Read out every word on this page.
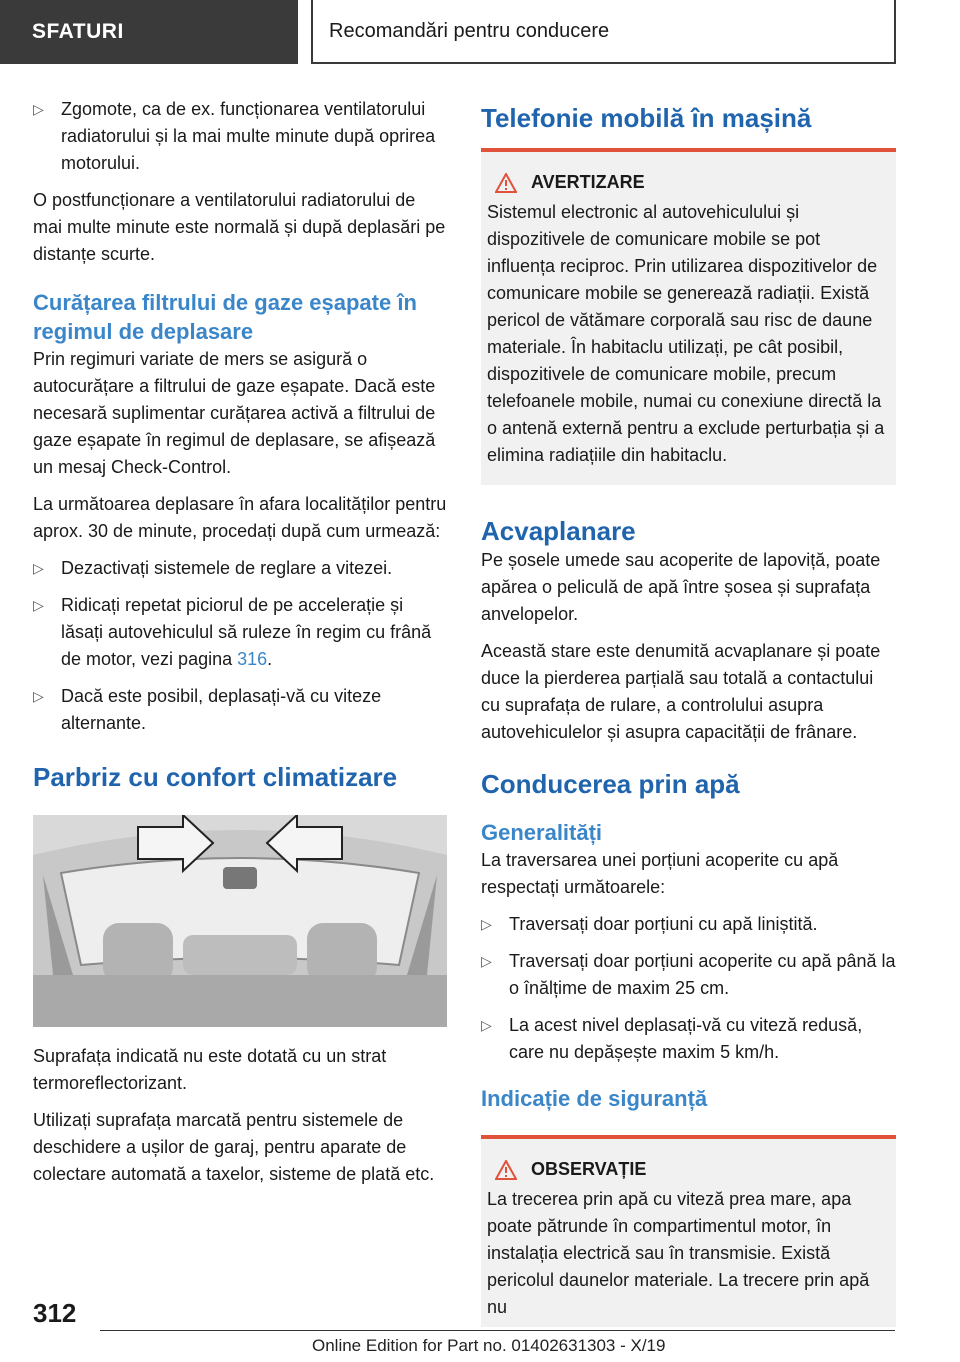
SFATURI	Recomandări pentru conducere
▷ Zgomote, ca de ex. funcționarea ventilatorului radiatorului și la mai multe minute după oprirea motorului.

O postfuncționare a ventilatorului radiatorului de mai multe minute este normală și după deplasări pe distanțe scurte.

Curățarea filtrului de gaze eșapate în regimul de deplasare

Prin regimuri variate de mers se asigură o autocurățare a filtrului de gaze eșapate. Dacă este necesară suplimentar curățarea activă a filtrului de gaze eșapate în regimul de deplasare, se afișează un mesaj Check-Control.

La următoarea deplasare în afara localităților pentru aprox. 30 de minute, procedați după cum urmează:

▷ Dezactivați sistemele de reglare a vitezei.
▷ Ridicați repetat piciorul de pe accelerație și lăsați autovehiculul să ruleze în regim cu frână de motor, vezi pagina 316.
▷ Dacă este posibil, deplasați-vă cu viteze alternante.
Parbriz cu confort climatizare

Suprafața indicată nu este dotată cu un strat termoreflectorizant.

Utilizați suprafața marcată pentru sistemele de deschidere a ușilor de garaj, pentru aparate de colectare automată a taxelor, sisteme de plată etc.

Telefonie mobilă în mașină
AVERTIZARE

Sistemul electronic al autovehiculului și dispozitivele de comunicare mobile se pot influența reciproc. Prin utilizarea dispozitivelor de comunicare mobile se generează radiații. Există pericol de vătămare corporală sau risc de daune materiale. În habitaclu utilizați, pe cât posibil, dispozitivele de comunicare mobile, precum telefoanele mobile, numai cu conexiune directă la o antenă externă pentru a exclude perturbația și a elimina radiațiile din habitaclu.

Acvaplanare

Pe șosele umede sau acoperite de lapoviță, poate apărea o peliculă de apă între șosea și suprafața anvelopelor.

Această stare este denumită acvaplanare și poate duce la pierderea parțială sau totală a contactului cu suprafața de rulare, a controlului asupra autovehiculelor și asupra capacității de frânare.

Conducerea prin apă
Generalități

La traversarea unei porțiuni acoperite cu apă respectați următoarele:

▷ Traversați doar porțiuni cu apă liniștită.
▷ Traversați doar porțiuni acoperite cu apă până la o înălțime de maxim 25 cm.
▷ La acest nivel deplasați-vă cu viteză redusă, care nu depășește maxim 5 km/h.
Indicație de siguranță
OBSERVAȚIE

La trecerea prin apă cu viteză prea mare, apa poate pătrunde în compartimentul motor, în instalația electrică sau în transmisie. Există pericolul daunelor materiale. La trecere prin apă nu

312
Online Edition for Part no. 01402631303 - X/19
